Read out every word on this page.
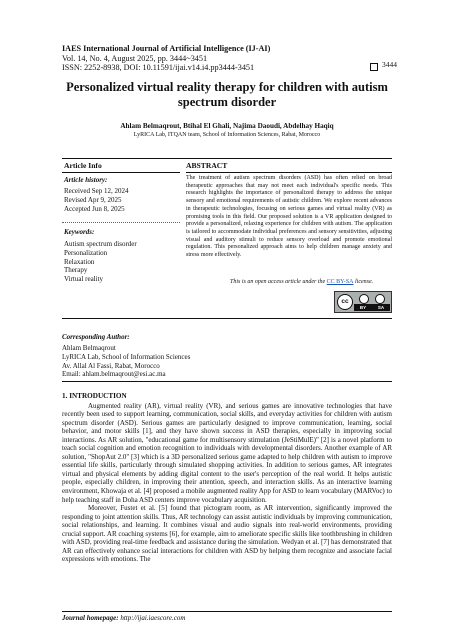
IAES International Journal of Artificial Intelligence (IJ-AI)
Vol. 14, No. 4, August 2025, pp. 3444~3451
ISSN: 2252-8938, DOI: 10.11591/ijai.v14.i4.pp3444-3451	3444
Personalized virtual reality therapy for children with autism spectrum disorder
Ahlam Belmaqrout, Btihal El Ghali, Najima Daoudi, Abdelhay Haqiq
LyRICA Lab, ITQAN team, School of Information Sciences, Rabat, Morocco
Article Info	ABSTRACT
Article history:
Received Sep 12, 2024
Revised Apr 9, 2025
Accepted Jun 8, 2025
Keywords:
Autism spectrum disorder
Personalization
Relaxation
Therapy
Virtual reality
The treatment of autism spectrum disorders (ASD) has often relied on broad therapeutic approaches that may not meet each individual's specific needs. This research highlights the importance of personalized therapy to address the unique sensory and emotional requirements of autistic children. We explore recent advances in therapeutic technologies, focusing on serious games and virtual reality (VR) as promising tools in this field. Our proposed solution is a VR application designed to provide a personalized, relaxing experience for children with autism. The application is tailored to accommodate individual preferences and sensory sensitivities, adjusting visual and auditory stimuli to reduce sensory overload and promote emotional regulation. This personalized approach aims to help children manage anxiety and stress more effectively.
This is an open access article under the CC BY-SA license.
cc
BY	SA
Corresponding Author:
Ahlam Belmaqrout
LyRICA Lab, School of Information Sciences
Av. Allal Al Fassi, Rabat, Morocco
Email: ahlam.belmaqrout@esi.ac.ma
1. INTRODUCTION

Augmented reality (AR), virtual reality (VR), and serious games are innovative technologies that have recently been used to support learning, communication, social skills, and everyday activities for children with autism spectrum disorder (ASD). Serious games are particularly designed to improve communication, learning, social behavior, and motor skills [1], and they have shown success in ASD therapies, especially in improving social interactions. As AR solution, "educational game for multisensory stimulation (JeStiMulE)" [2] is a novel platform to teach social cognition and emotion recognition to individuals with developmental disorders. Another example of AR solution, "ShopAut 2.0" [3] which is a 3D personalized serious game adapted to help children with autism to improve essential life skills, particularly through simulated shopping activities. In addition to serious games, AR integrates virtual and physical elements by adding digital content to the user's perception of the real world. It helps autistic people, especially children, in improving their attention, speech, and interaction skills. As an interactive learning environment, Khowaja et al. [4] proposed a mobile augmented reality App for ASD to learn vocabulary (MARVoc) to help teaching staff in Doha ASD centers improve vocabulary acquisition.

Moreover, Fustet et al. [5] found that pictogram room, as AR intervention, significantly improved the responding to joint attention skills. Thus, AR technology can assist autistic individuals by improving communication, social relationships, and learning. It combines visual and audio signals into real-world environments, providing crucial support. AR coaching systems [6], for example, aim to ameliorate specific skills like toothbrushing in children with ASD, providing real-time feedback and assistance during the simulation. Wedyan et al. [7] has demonstrated that AR can effectively enhance social interactions for children with ASD by helping them recognize and associate facial expressions with emotions. The

Journal homepage: http://ijai.iaescore.com
